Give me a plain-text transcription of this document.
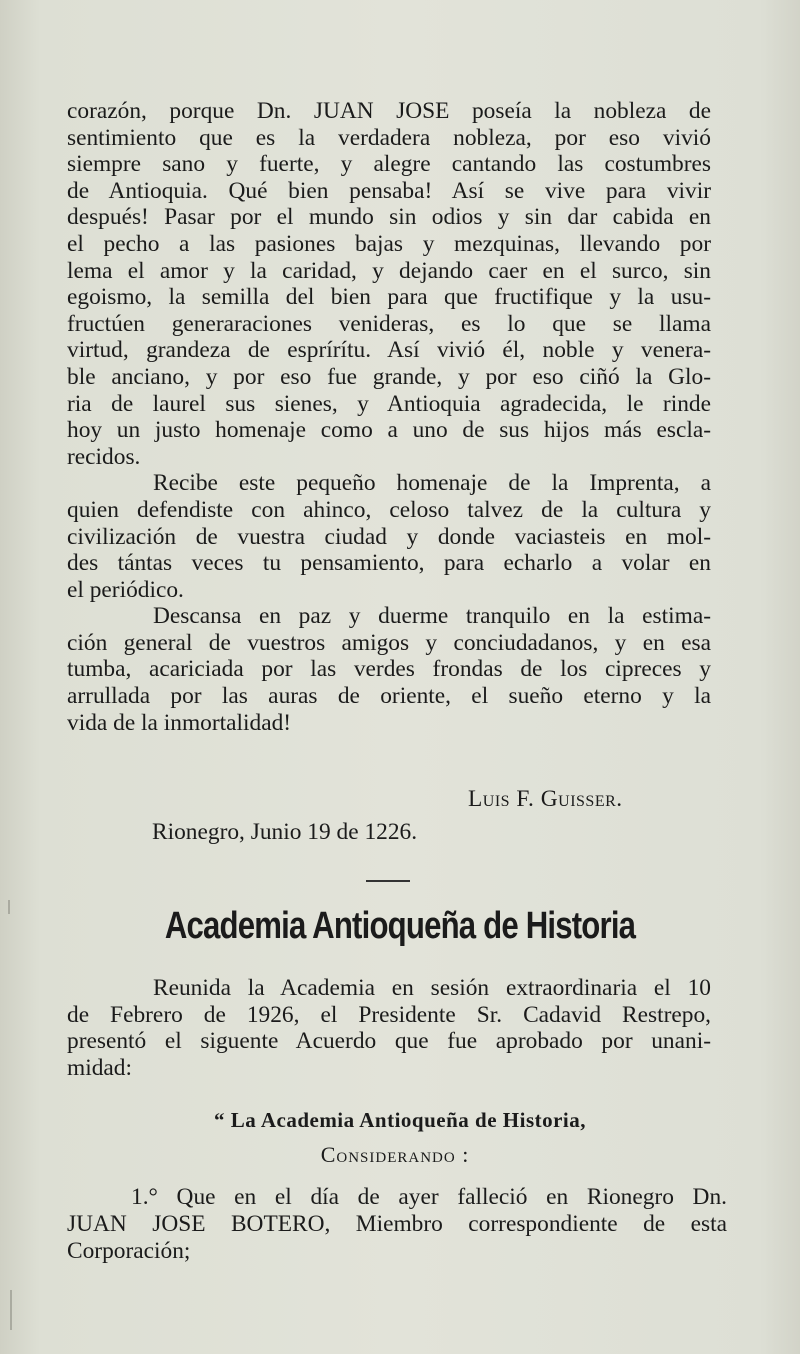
corazón, porque Dn. JUAN JOSE poseía la nobleza de
sentimiento que es la verdadera nobleza, por eso vivió
siempre sano y fuerte, y alegre cantando las costumbres
de Antioquia. Qué bien pensaba! Así se vive para vivir
después! Pasar por el mundo sin odios y sin dar cabida en
el pecho a las pasiones bajas y mezquinas, llevando por
lema el amor y la caridad, y dejando caer en el surco, sin
egoismo, la semilla del bien para que fructifique y la usu-
fructúen generaraciones venideras, es lo que se llama
virtud, grandeza de esprírítu. Así vivió él, noble y venera-
ble anciano, y por eso fue grande, y por eso ciñó la Glo-
ria de laurel sus sienes, y Antioquia agradecida, le rinde
hoy un justo homenaje como a uno de sus hijos más escla-
recidos.
Recibe este pequeño homenaje de la Imprenta, a
quien defendiste con ahinco, celoso talvez de la cultura y
civilización de vuestra ciudad y donde vaciasteis en mol-
des tántas veces tu pensamiento, para echarlo a volar en
el periódico.
Descansa en paz y duerme tranquilo en la estima-
ción general de vuestros amigos y conciudadanos, y en esa
tumba, acariciada por las verdes frondas de los cipreces y
arrullada por las auras de oriente, el sueño eterno y la
vida de la inmortalidad!
Luis F. Guisser.
Rionegro, Junio 19 de 1226.
Academia Antioqueña de Historia
Reunida la Academia en sesión extraordinaria el 10
de Febrero de 1926, el Presidente Sr. Cadavid Restrepo,
presentó el siguente Acuerdo que fue aprobado por unani-
midad:
“ La Academia Antioqueña de Historia,
Considerando :
1.° Que en el día de ayer falleció en Rionegro Dn.
JUAN JOSE BOTERO, Miembro correspondiente de esta
Corporación;
